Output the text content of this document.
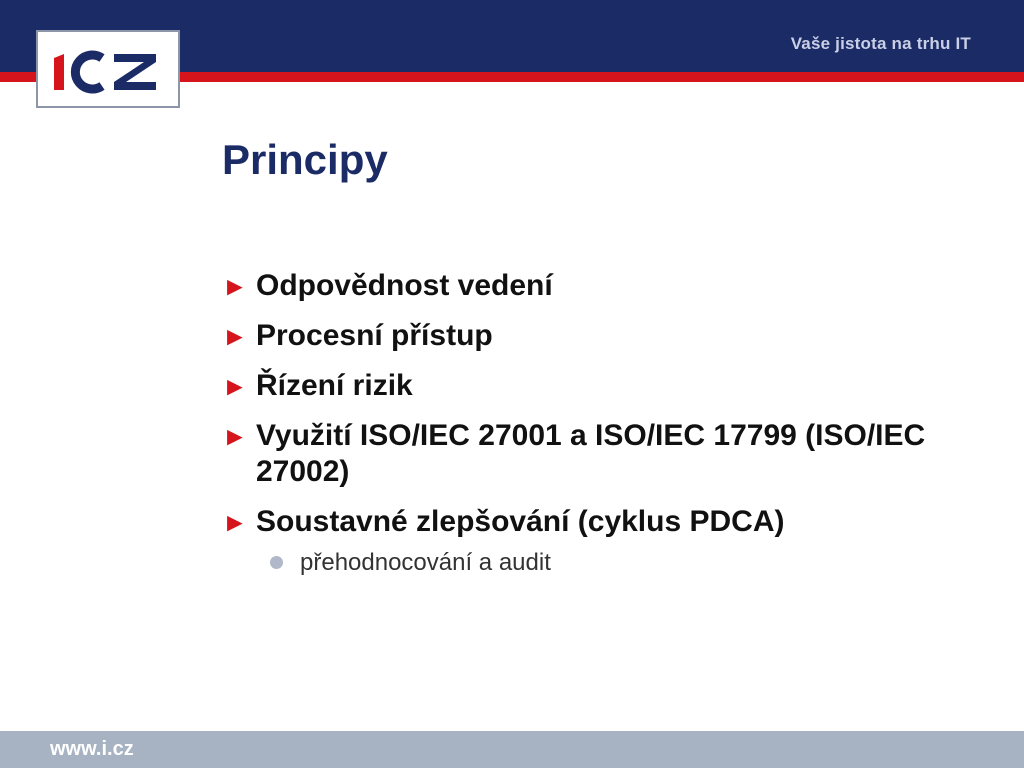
Vaše jistota na trhu IT
Principy
► Odpovědnost vedení
► Procesní přístup
► Řízení rizik
► Využití ISO/IEC 27001 a ISO/IEC 17799 (ISO/IEC 27002)
► Soustavné zlepšování (cyklus PDCA)
přehodnocování a audit
www.i.cz
